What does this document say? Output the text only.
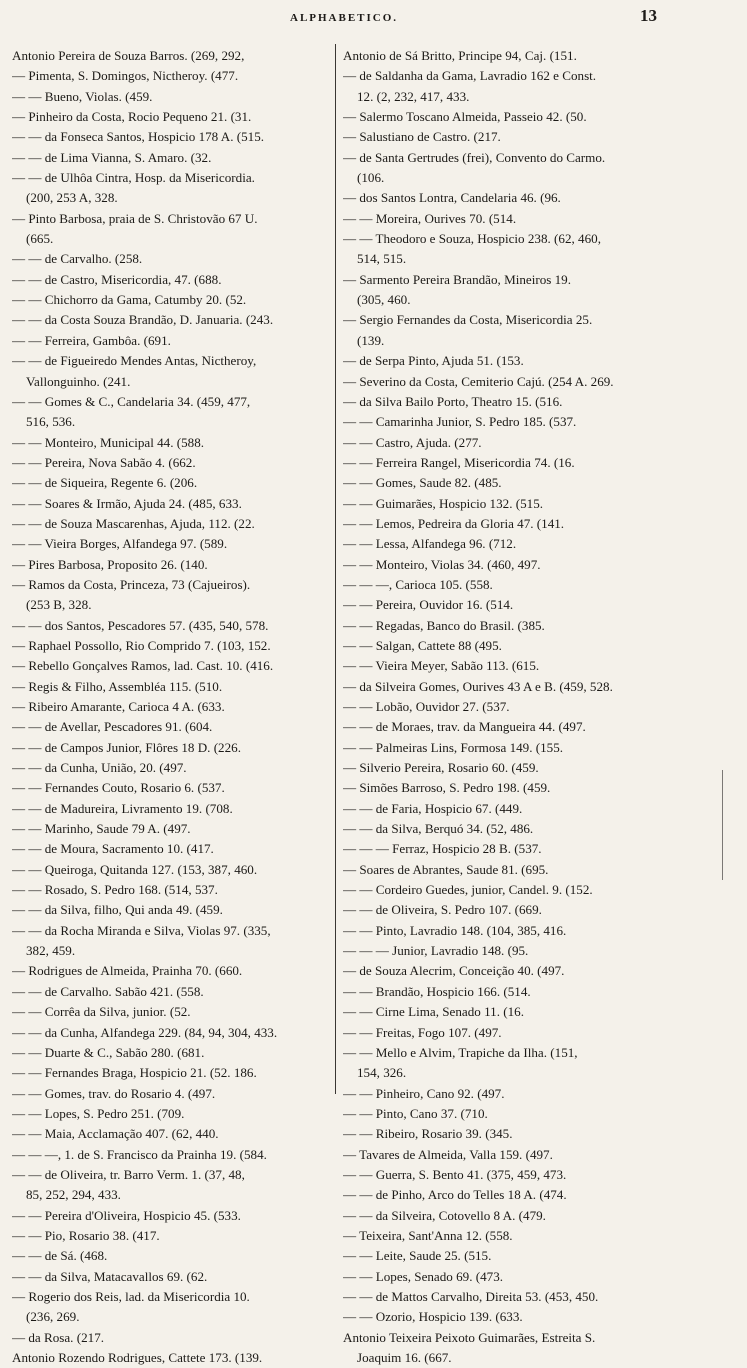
ALPHABETICO.	13
Antonio Pereira de Souza Barros. (269, 292,
— Pimenta, S. Domingos, Nictheroy. (477.
— — Bueno, Violas. (459.
— Pinheiro da Costa, Rocio Pequeno 21. (31.
— — da Fonseca Santos, Hospicio 178 A. (515.
— — de Lima Vianna, S. Amaro. (32.
— — de Ulhôa Cintra, Hosp. da Misericordia.
(200, 253 A, 328.
— Pinto Barbosa, praia de S. Christovão 67 U.
(665.
— — de Carvalho. (258.
— — de Castro, Misericordia, 47. (688.
— — Chichorro da Gama, Catumby 20. (52.
— — da Costa Souza Brandão, D. Januaria. (243.
— — Ferreira, Gambôa. (691.
— — de Figueiredo Mendes Antas, Nictheroy,
Vallonguinho. (241.
— — Gomes & C., Candelaria 34. (459, 477,
516, 536.
— — Monteiro, Municipal 44. (588.
— — Pereira, Nova Sabão 4. (662.
— — de Siqueira, Regente 6. (206.
— — Soares & Irmão, Ajuda 24. (485, 633.
— — de Souza Mascarenhas, Ajuda, 112. (22.
— — Vieira Borges, Alfandega 97. (589.
— Pires Barbosa, Proposito 26. (140.
— Ramos da Costa, Princeza, 73 (Cajueiros).
(253 B, 328.
— — dos Santos, Pescadores 57. (435, 540, 578.
— Raphael Possollo, Rio Comprido 7. (103, 152.
— Rebello Gonçalves Ramos, lad. Cast. 10. (416.
— Regis & Filho, Assembléa 115. (510.
— Ribeiro Amarante, Carioca 4 A. (633.
— — de Avellar, Pescadores 91. (604.
— — de Campos Junior, Flôres 18 D. (226.
— — da Cunha, União, 20. (497.
— — Fernandes Couto, Rosario 6. (537.
— — de Madureira, Livramento 19. (708.
— — Marinho, Saude 79 A. (497.
— — de Moura, Sacramento 10. (417.
— — Queiroga, Quitanda 127. (153, 387, 460.
— — Rosado, S. Pedro 168. (514, 537.
— — da Silva, filho, Qui anda 49. (459.
— — da Rocha Miranda e Silva, Violas 97. (335,
382, 459.
— Rodrigues de Almeida, Prainha 70. (660.
— — de Carvalho. Sabão 421. (558.
— — Corrêa da Silva, junior. (52.
— — da Cunha, Alfandega 229. (84, 94, 304, 433.
— — Duarte & C., Sabão 280. (681.
— — Fernandes Braga, Hospicio 21. (52. 186.
— — Gomes, trav. do Rosario 4. (497.
— — Lopes, S. Pedro 251. (709.
— — Maia, Acclamação 407. (62, 440.
— — —, 1. de S. Francisco da Prainha 19. (584.
— — de Oliveira, tr. Barro Verm. 1. (37, 48,
85, 252, 294, 433.
— — Pereira d'Oliveira, Hospicio 45. (533.
— — Pio, Rosario 38. (417.
— — de Sá. (468.
— — da Silva, Matacavallos 69. (62.
— Rogerio dos Reis, lad. da Misericordia 10.
(236, 269.
— da Rosa. (217.
Antonio Rozendo Rodrigues, Cattete 173. (139.
Antonio de Sá Britto, Principe 94, Caj. (151.
— de Saldanha da Gama, Lavradio 162 e Const.
12. (2, 232, 417, 433.
— Salermo Toscano Almeida, Passeio 42. (50.
— Salustiano de Castro. (217.
— de Santa Gertrudes (frei), Convento do Carmo.
(106.
— dos Santos Lontra, Candelaria 46. (96.
— — Moreira, Ourives 70. (514.
— — Theodoro e Souza, Hospicio 238. (62, 460,
514, 515.
— Sarmento Pereira Brandão, Mineiros 19.
(305, 460.
— Sergio Fernandes da Costa, Misericordia 25.
(139.
— de Serpa Pinto, Ajuda 51. (153.
— Severino da Costa, Cemiterio Cajú. (254 A. 269.
— da Silva Bailo Porto, Theatro 15. (516.
— — Camarinha Junior, S. Pedro 185. (537.
— — Castro, Ajuda. (277.
— — Ferreira Rangel, Misericordia 74. (16.
— — Gomes, Saude 82. (485.
— — Guimarães, Hospicio 132. (515.
— — Lemos, Pedreira da Gloria 47. (141.
— — Lessa, Alfandega 96. (712.
— — Monteiro, Violas 34. (460, 497.
— — —, Carioca 105. (558.
— — Pereira, Ouvidor 16. (514.
— — Regadas, Banco do Brasil. (385.
— — Salgan, Cattete 88 (495.
— — Vieira Meyer, Sabão 113. (615.
— da Silveira Gomes, Ourives 43 A e B. (459, 528.
— — Lobão, Ouvidor 27. (537.
— — de Moraes, trav. da Mangueira 44. (497.
— — Palmeiras Lins, Formosa 149. (155.
— Silverio Pereira, Rosario 60. (459.
— Simões Barroso, S. Pedro 198. (459.
— — de Faria, Hospicio 67. (449.
— — da Silva, Berquó 34. (52, 486.
— — — Ferraz, Hospicio 28 B. (537.
— Soares de Abrantes, Saude 81. (695.
— — Cordeiro Guedes, junior, Candel. 9. (152.
— — de Oliveira, S. Pedro 107. (669.
— — Pinto, Lavradio 148. (104, 385, 416.
— — — Junior, Lavradio 148. (95.
— de Souza Alecrim, Conceição 40. (497.
— — Brandão, Hospicio 166. (514.
— — Cirne Lima, Senado 11. (16.
— — Freitas, Fogo 107. (497.
— — Mello e Alvim, Trapiche da Ilha. (151,
154, 326.
— — Pinheiro, Cano 92. (497.
— — Pinto, Cano 37. (710.
— — Ribeiro, Rosario 39. (345.
— Tavares de Almeida, Valla 159. (497.
— — Guerra, S. Bento 41. (375, 459, 473.
— — de Pinho, Arco do Telles 18 A. (474.
— — da Silveira, Cotovello 8 A. (479.
— Teixeira, Sant'Anna 12. (558.
— — Leite, Saude 25. (515.
— — Lopes, Senado 69. (473.
— — de Mattos Carvalho, Direita 53. (453, 450.
— — Ozorio, Hospicio 139. (633.
Antonio Teixeira Peixoto Guimarães, Estreita S.
Joaquim 16. (667.
